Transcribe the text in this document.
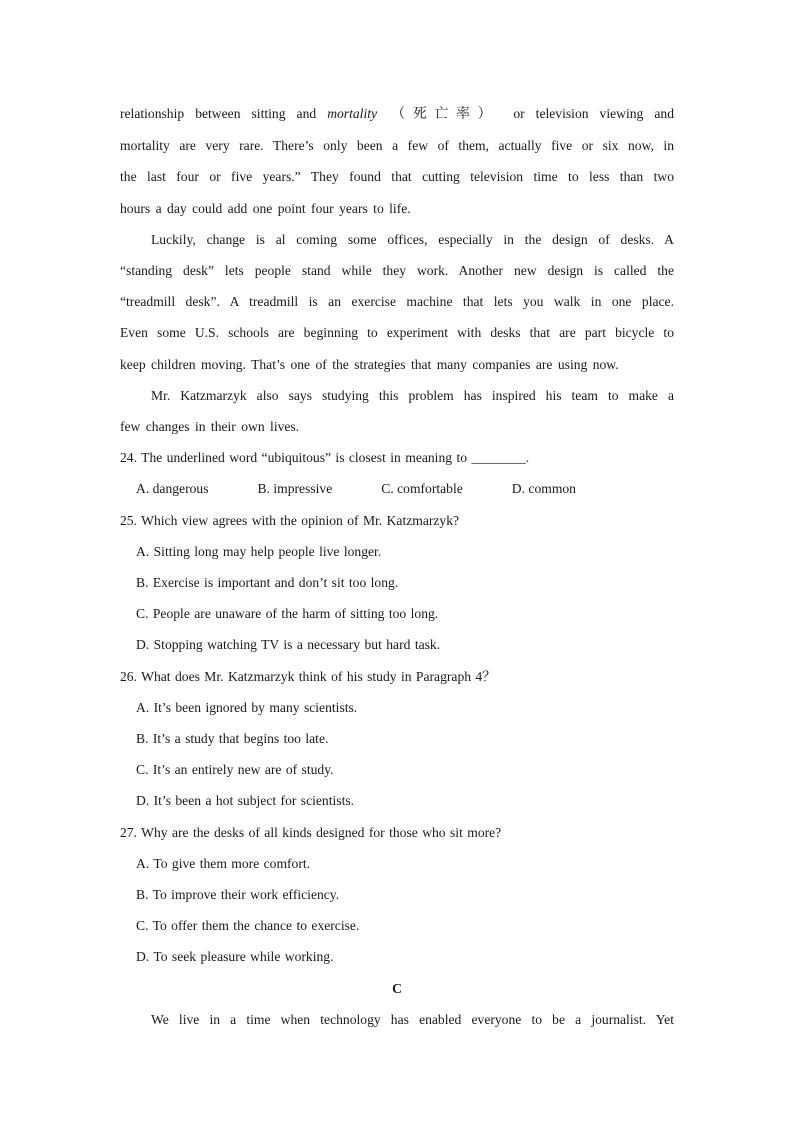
relationship between sitting and mortality （死亡率） or television viewing and
mortality are very rare. There’s only been a few of them, actually five or six now, in
the last four or five years.” They found that cutting television time to less than two
hours a day could add one point four years to life.

Luckily, change is al coming some offices, especially in the design of desks. A
“standing desk” lets people stand while they work. Another new design is called the
“treadmill desk”. A treadmill is an exercise machine that lets you walk in one place.
Even some U.S. schools are beginning to experiment with desks that are part bicycle to
keep children moving. That’s one of the strategies that many companies are using now.

Mr. Katzmarzyk also says studying this problem has inspired his team to make a
few changes in their own lives.

24. The underlined word “ubiquitous” is closest in meaning to ________.

A. dangerous	B. impressive	C. comfortable	D. common

25. Which view agrees with the opinion of Mr. Katzmarzyk?

A. Sitting long may help people live longer.

B. Exercise is important and don’t sit too long.

C. People are unaware of the harm of sitting too long.

D. Stopping watching TV is a necessary but hard task.

26. What does Mr. Katzmarzyk think of his study in Paragraph 4？

A. It’s been ignored by many scientists.

B. It’s a study that begins too late.

C. It’s an entirely new are of study.

D. It’s been a hot subject for scientists.

27. Why are the desks of all kinds designed for those who sit more?

A. To give them more comfort.

B. To improve their work efficiency.

C. To offer them the chance to exercise.

D. To seek pleasure while working.

C

We live in a time when technology has enabled everyone to be a journalist. Yet
